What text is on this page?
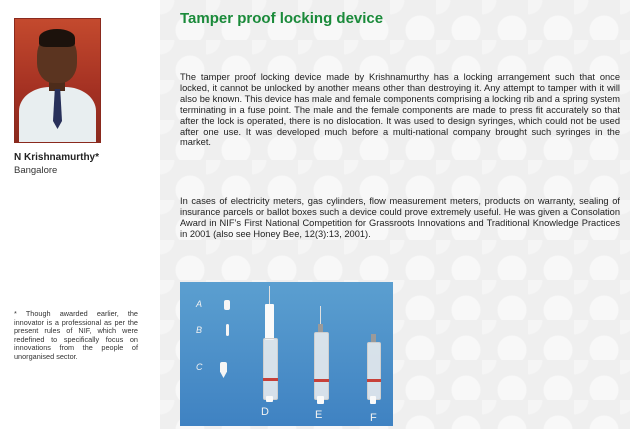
N Krishnamurthy*
Bangalore
* Though awarded earlier, the innovator is a professional as per the present rules of NIF, which were redefined to specifically focus on innovations from the people of unorganised sector.
Tamper proof locking device
The tamper proof locking device made by Krishnamurthy has a locking arrangement such that once locked, it cannot be unlocked by another means other than destroying it. Any attempt to tamper with it will also be known. This device has male and female components comprising a locking rib and a spring system terminating in a fuse point. The male and the female components are made to press fit accurately so that after the lock is operated, there is no dislocation. It was used to design syringes, which could not be used after one use. It was developed much before a multi-national company brought such syringes in the market.
In cases of electricity meters, gas cylinders, flow measurement meters, products on warranty, sealing of insurance parcels or ballot boxes such a device could prove extremely useful. He was given a Consolation Award in NIF’s First National Competition for Grassroots Innovations and Traditional Knowledge Practices in 2001 (also see Honey Bee, 12(3):13, 2001).
A
B
C
D	E	F
